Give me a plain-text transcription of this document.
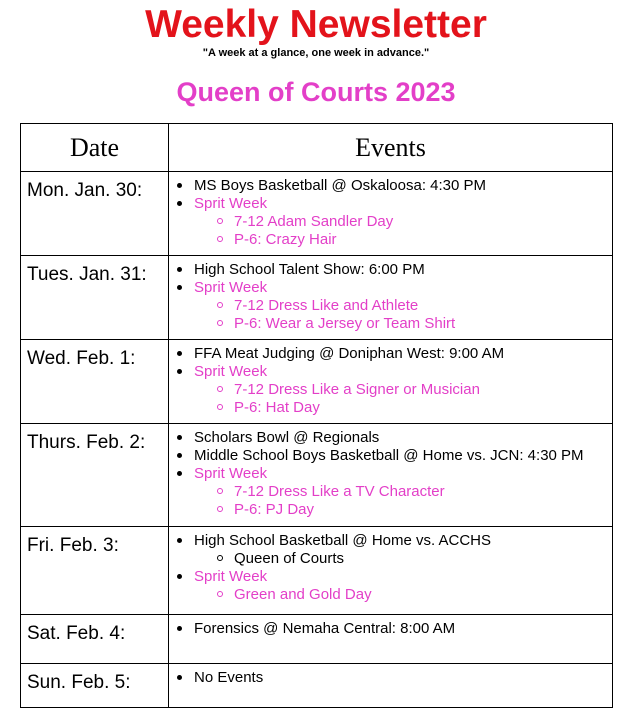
Weekly Newsletter
"A week at a glance, one week in advance."
Queen of Courts 2023
Date	Events
Mon. Jan. 30:	MS Boys Basketball @ Oskaloosa: 4:30 PM
Sprit Week
7-12 Adam Sandler Day
P-6: Crazy Hair

Tues. Jan. 31:	High School Talent Show: 6:00 PM
Sprit Week
7-12 Dress Like and Athlete
P-6: Wear a Jersey or Team Shirt

Wed. Feb. 1:	FFA Meat Judging @ Doniphan West: 9:00 AM
Sprit Week
7-12 Dress Like a Signer or Musician
P-6: Hat Day

Thurs. Feb. 2:	Scholars Bowl @ Regionals
Middle School Boys Basketball @ Home vs. JCN: 4:30 PM
Sprit Week
7-12 Dress Like a TV Character
P-6: PJ Day

Fri. Feb. 3:	High School Basketball @ Home vs. ACCHS
Queen of Courts
Sprit Week
Green and Gold Day

Sat. Feb. 4:	Forensics @ Nemaha Central: 8:00 AM

Sun. Feb. 5:	No Events
